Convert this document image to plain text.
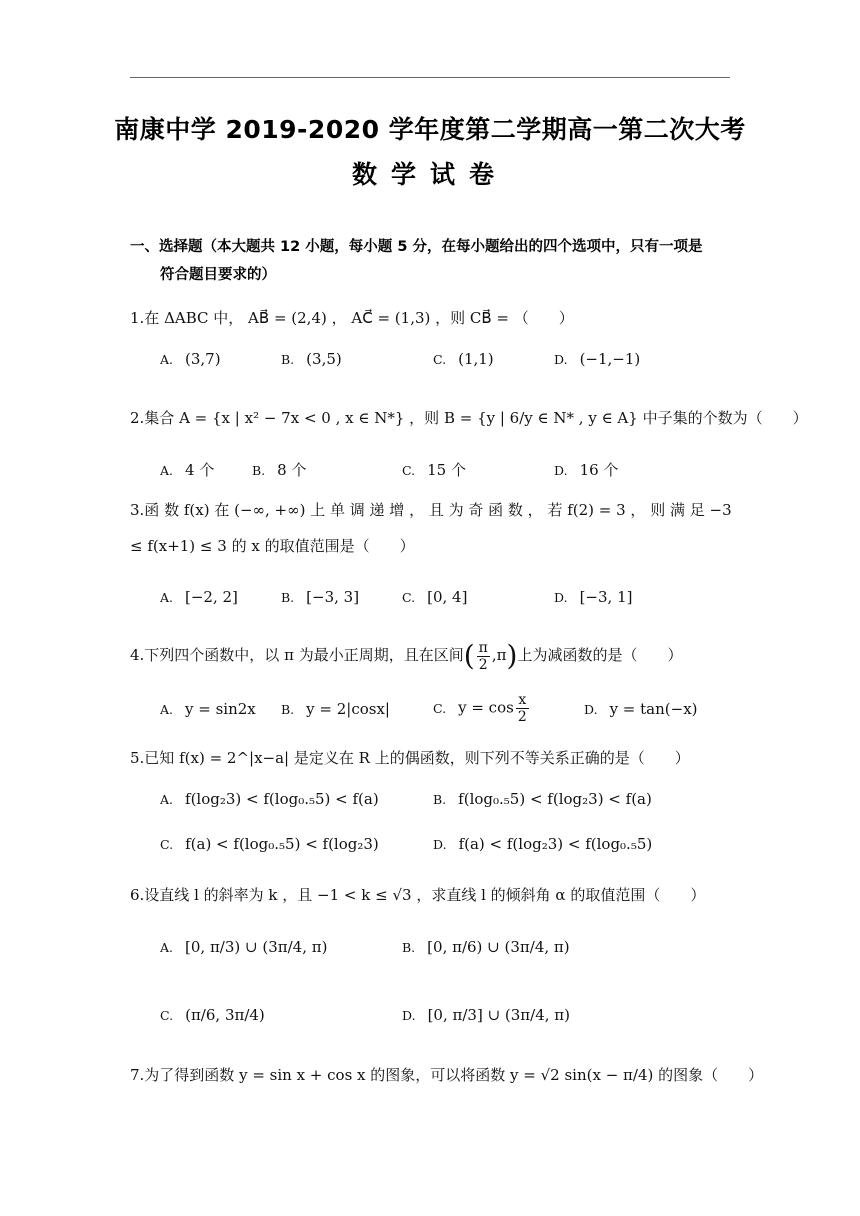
南康中学 2019-2020 学年度第二学期高一第二次大考
数学试卷
一、选择题（本大题共 12 小题，每小题 5 分，在每小题给出的四个选项中，只有一项是
符合题目要求的）
1.在 ΔABC 中， AB⃗ = (2,4) ， AC⃗ = (1,3) ，则 CB⃗ = （　　）
A. (3,7)	B. (3,5)	C. (1,1)	D. (−1,−1)
2.集合 A = {x | x² − 7x < 0 , x ∈ N*} ，则 B = {y | 6/y ∈ N* , y ∈ A} 中子集的个数为（　　）
A. 4 个	B. 8 个	C. 15 个	D. 16 个
3.函 数 f(x) 在 (−∞, +∞) 上 单 调 递 增 ， 且 为 奇 函 数 ， 若 f(2) = 3 ， 则 满 足 −3 ≤ f(x+1) ≤ 3 的 x 的取值范围是（　　）
A. [−2, 2]	B. [−3, 3]	C. [0, 4]	D. [−3, 1]
4.下列四个函数中，以 π 为最小正周期，且在区间( $\frac{\pi}{2} ,\pi$)上为减函数的是（　　）
A. y = sin2x B. y = 2|cosx|	C. $y = \cos \frac{x}{2}$	D. y = tan(−x)
5.已知 f(x) = 2^|x−a| 是定义在 R 上的偶函数，则下列不等关系正确的是（　　）
A. f(log₂3) < f(log₀.₅5) < f(a)	B. f(log₀.₅5) < f(log₂3) < f(a)
C. f(a) < f(log₀.₅5) < f(log₂3)	D. f(a) < f(log₂3) < f(log₀.₅5)
6.设直线 l 的斜率为 k ，且 −1 < k ≤ √3 ，求直线 l 的倾斜角 α 的取值范围（　　）
A. [0, π/3) ∪ (3π/4, π)	B. [0, π/6) ∪ (3π/4, π)
C. (π/6, 3π/4)	D. [0, π/3] ∪ (3π/4, π)
7.为了得到函数 y = sin x + cos x 的图象，可以将函数 y = √2 sin(x − π/4) 的图象（　　）
